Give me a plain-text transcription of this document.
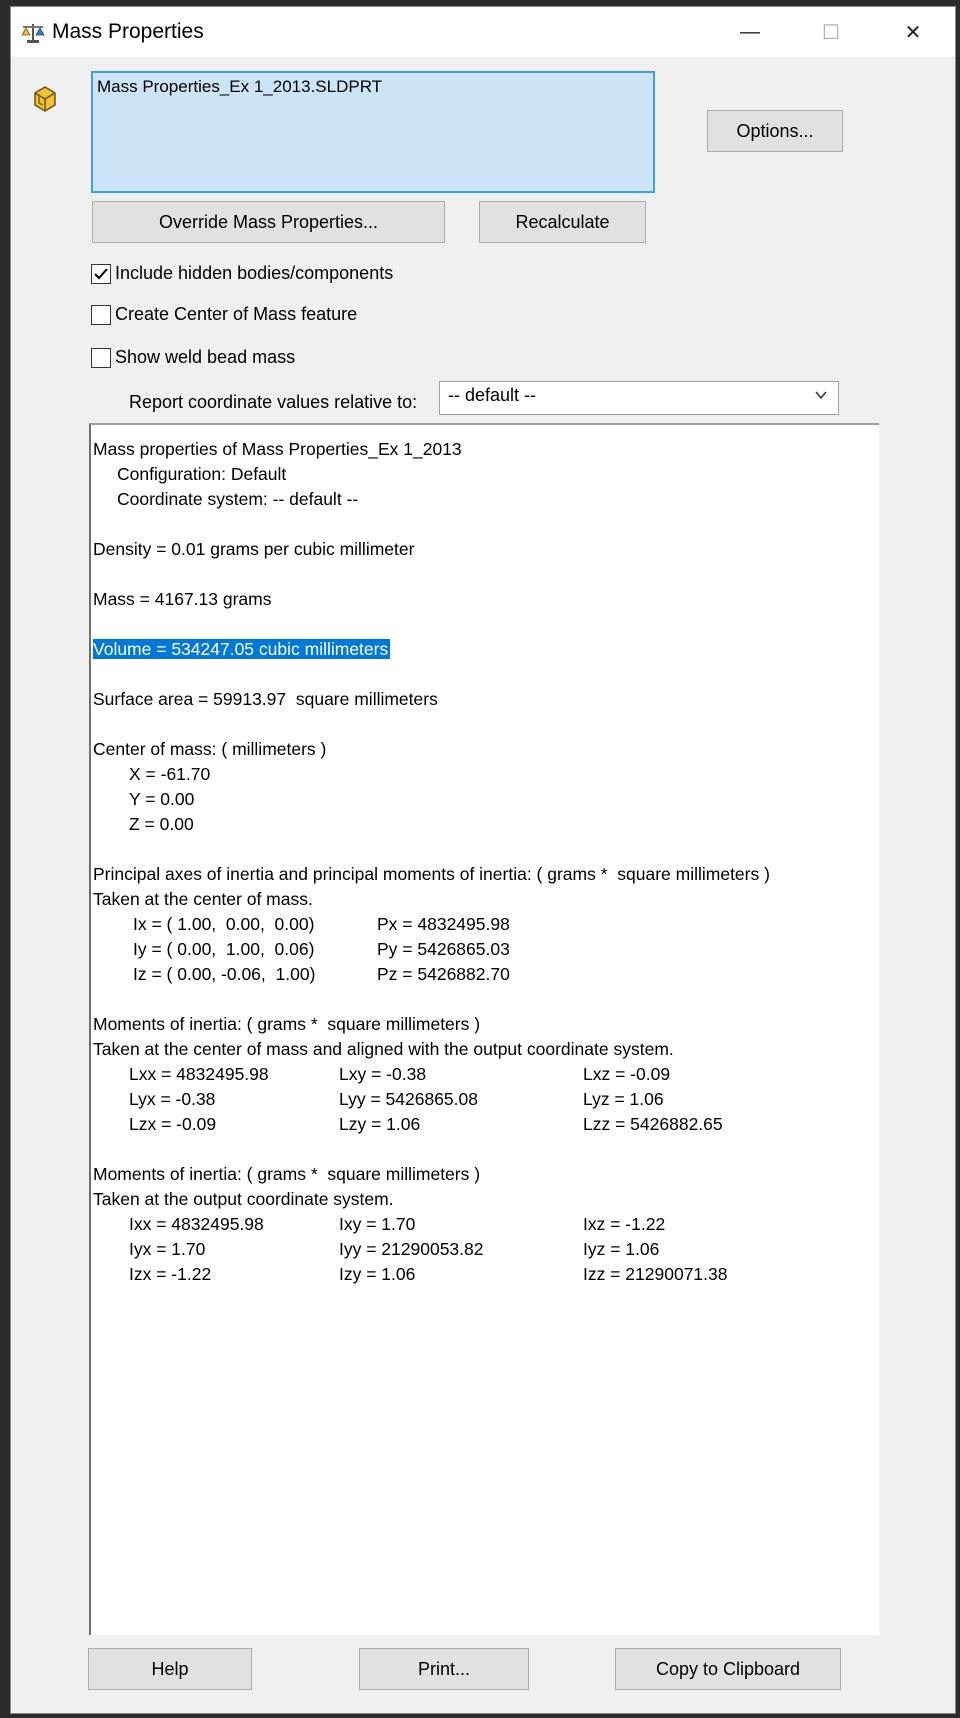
Mass Properties	—	☐	✕
Mass Properties_Ex 1_2013.SLDPRT
Options...
Override Mass Properties...	Recalculate
Include hidden bodies/components
Create Center of Mass feature
Show weld bead mass
Report coordinate values relative to:	-- default --
Mass properties of Mass Properties_Ex 1_2013
Configuration: Default
Coordinate system: -- default --
Density = 0.01 grams per cubic millimeter
Mass = 4167.13 grams
Volume = 534247.05 cubic millimeters
Surface area = 59913.97  square millimeters
Center of mass: ( millimeters )
X = -61.70
Y = 0.00
Z = 0.00
Principal axes of inertia and principal moments of inertia: ( grams *  square millimeters )
Taken at the center of mass.
Ix = ( 1.00,  0.00,  0.00)	Px = 4832495.98
Iy = ( 0.00,  1.00,  0.06)	Py = 5426865.03
Iz = ( 0.00, -0.06,  1.00)	Pz = 5426882.70
Moments of inertia: ( grams *  square millimeters )
Taken at the center of mass and aligned with the output coordinate system.
Lxx = 4832495.98	Lxy = -0.38	Lxz = -0.09
Lyx = -0.38	Lyy = 5426865.08	Lyz = 1.06
Lzx = -0.09	Lzy = 1.06	Lzz = 5426882.65
Moments of inertia: ( grams *  square millimeters )
Taken at the output coordinate system.
Ixx = 4832495.98	Ixy = 1.70	Ixz = -1.22
Iyx = 1.70	Iyy = 21290053.82	Iyz = 1.06
Izx = -1.22	Izy = 1.06	Izz = 21290071.38
Help	Print...	Copy to Clipboard
